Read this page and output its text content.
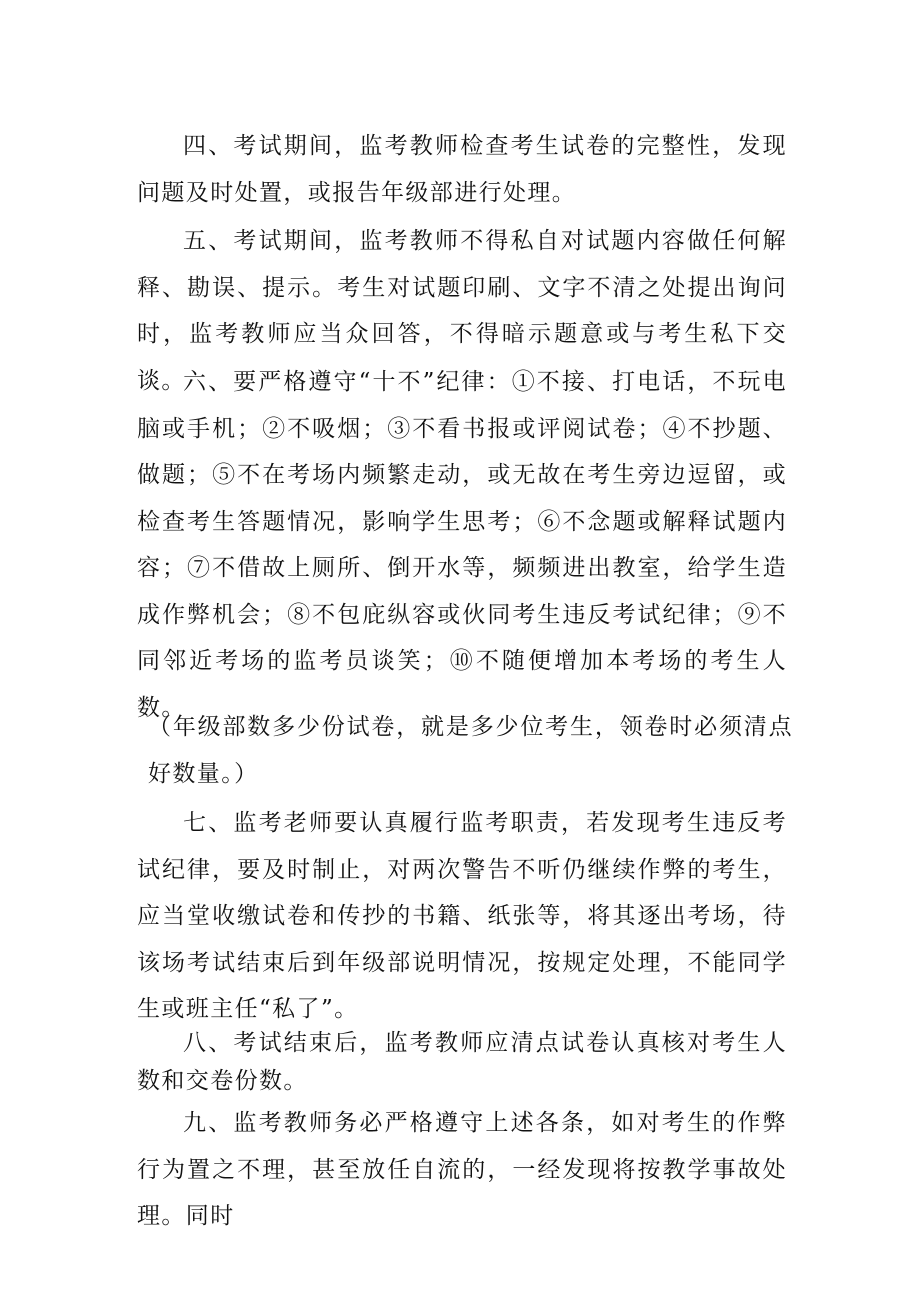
四、考试期间，监考教师检查考生试卷的完整性，发现问题及时处置，或报告年级部进行处理。

五、考试期间，监考教师不得私自对试题内容做任何解释、勘误、提示。考生对试题印刷、文字不清之处提出询问时，监考教师应当众回答，不得暗示题意或与考生私下交谈。

六、要严格遵守“十不”纪律：①不接、打电话，不玩电脑或手机；②不吸烟；③不看书报或评阅试卷；④不抄题、做题；⑤不在考场内频繁走动，或无故在考生旁边逗留，或检查考生答题情况，影响学生思考；⑥不念题或解释试题内容；⑦不借故上厕所、倒开水等，频频进出教室，给学生造成作弊机会；⑧不包庇纵容或伙同考生违反考试纪律；⑨不同邻近考场的监考员谈笑；⑩不随便增加本考场的考生人数。

（年级部数多少份试卷，就是多少位考生，领卷时必须清点好数量。）

七、监考老师要认真履行监考职责，若发现考生违反考试纪律，要及时制止，对两次警告不听仍继续作弊的考生，应当堂收缴试卷和传抄的书籍、纸张等，将其逐出考场，待该场考试结束后到年级部说明情况，按规定处理，不能同学生或班主任“私了”。

八、考试结束后，监考教师应清点试卷认真核对考生人数和交卷份数。

九、监考教师务必严格遵守上述各条，如对考生的作弊行为置之不理，甚至放任自流的，一经发现将按教学事故处理。同时
